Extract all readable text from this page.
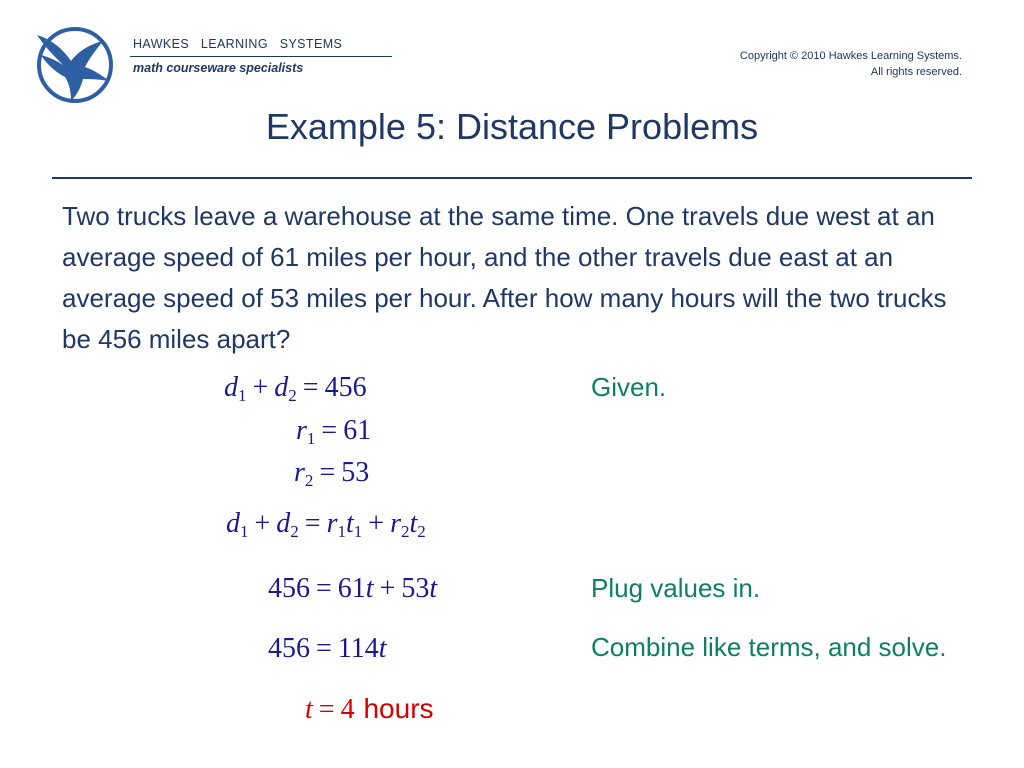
HAWKES  LEARNING  SYSTEMS
math courseware specialists
Copyright © 2010 Hawkes Learning Systems.
All rights reserved.
Example 5: Distance Problems
Two trucks leave a warehouse at the same time. One travels due west at an average speed of 61 miles per hour, and the other travels due east at an average speed of 53 miles per hour. After how many hours will the two trucks be 456 miles apart?
$d_1 + d_2 = 456$
$r_1 = 61$
$r_2 = 53$
$d_1 + d_2 = r_1t_1 + r_2t_2$
456 = 61t + 53t
456 = 114t
t = 4 hours
Given.
Plug values in.
Combine like terms, and solve.
